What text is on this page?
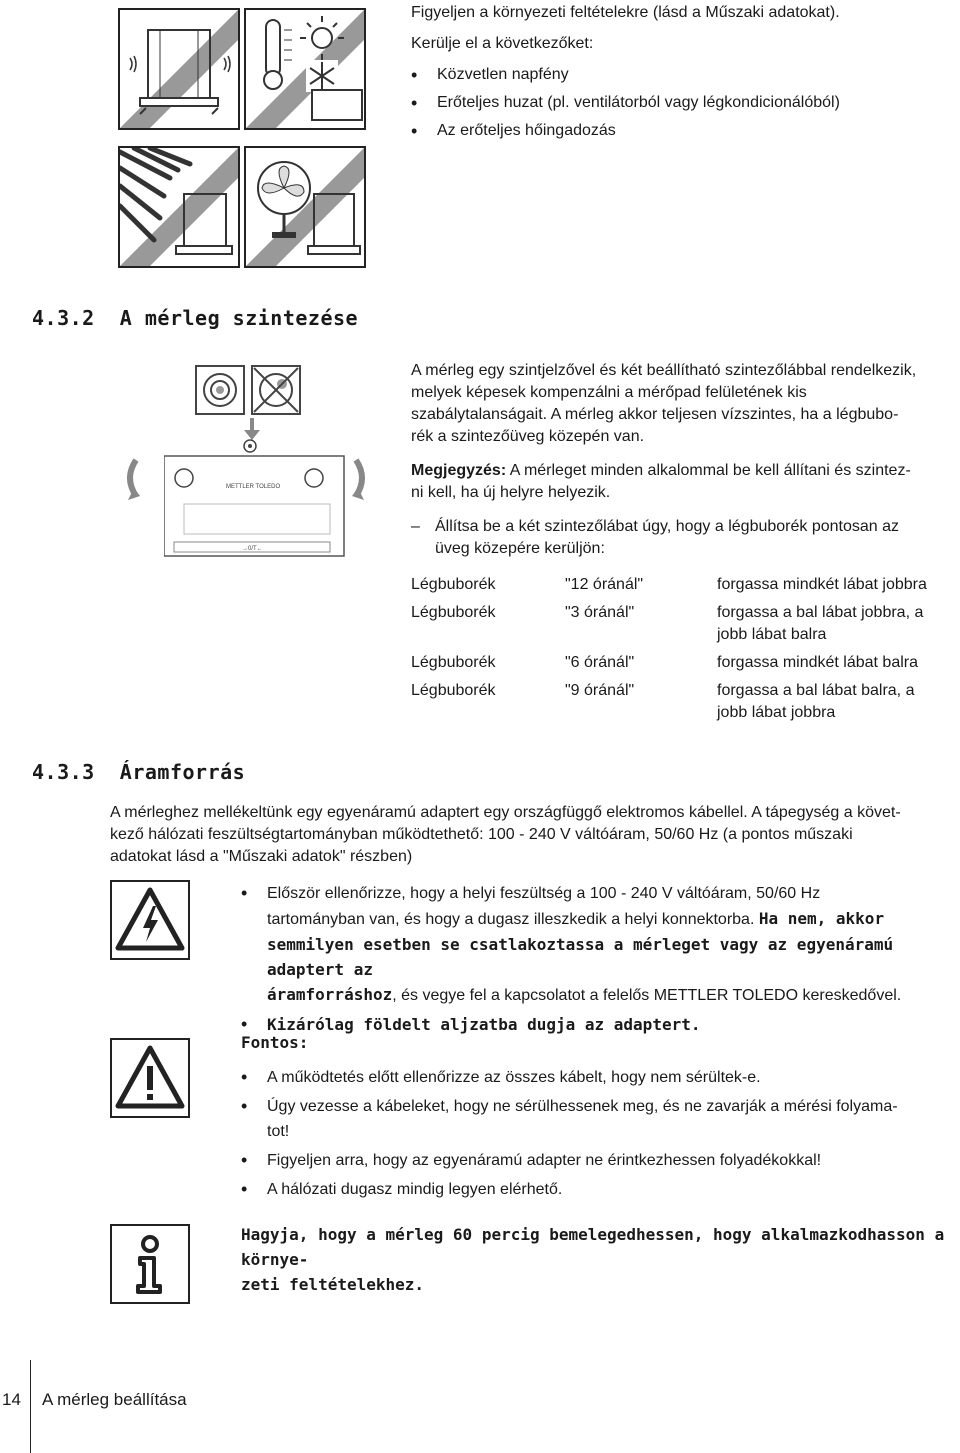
Figyeljen a környezeti feltételekre (lásd a Műszaki adatokat).
Kerülje el a következőket:
• Közvetlen napfény
• Erőteljes huzat (pl. ventilátorból vagy légkondicionálóból)
• Az erőteljes hőingadozás
4.3.2  A mérleg szintezése
METTLER TOLEDO
→0/T←
A mérleg egy szintjelzővel és két beállítható szintezőlábbal rendelkezik,
melyek képesek kompenzálni a mérőpad felületének kis
szabálytalanságait. A mérleg akkor teljesen vízszintes, ha a légbubo-
rék a szintezőüveg közepén van.
Megjegyzés: A mérleget minden alkalommal be kell állítani és szintez-
ni kell, ha új helyre helyezik.
– Állítsa be a két szintezőlábat úgy, hogy a légbuborék pontosan az
üveg közepére kerüljön:
Légbuborék	"12 óránál"	forgassa mindkét lábat jobbra

Légbuborék	"3 óránál"	forgassa a bal lábat jobbra, a
jobb lábat balra

Légbuborék	"6 óránál"	forgassa mindkét lábat balra

Légbuborék	"9 óránál"	forgassa a bal lábat balra, a
jobb lábat jobbra
4.3.3  Áramforrás
A mérleghez mellékeltünk egy egyenáramú adaptert egy országfüggő elektromos kábellel. A tápegység a követ-
kező hálózati feszültségtartományban működtethető: 100 - 240 V váltóáram, 50/60 Hz (a pontos műszaki
adatokat lásd a "Műszaki adatok" részben)
• Először ellenőrizze, hogy a helyi feszültség a 100 - 240 V váltóáram, 50/60 Hz
tartományban van, és hogy a dugasz illeszkedik a helyi konnektorba. Ha nem, akkor
semmilyen esetben se csatlakoztassa a mérleget vagy az egyenáramú adaptert az
áramforráshoz, és vegye fel a kapcsolatot a felelős METTLER TOLEDO kereskedővel.
• Kizárólag földelt aljzatba dugja az adaptert.
Fontos:
• A működtetés előtt ellenőrizze az összes kábelt, hogy nem sérültek-e.
• Úgy vezesse a kábeleket, hogy ne sérülhessenek meg, és ne zavarják a mérési folyama-
tot!
• Figyeljen arra, hogy az egyenáramú adapter ne érintkezhessen folyadékokkal!
• A hálózati dugasz mindig legyen elérhető.
Hagyja, hogy a mérleg 60 percig bemelegedhessen, hogy alkalmazkodhasson a környe-
zeti feltételekhez.
14 A mérleg beállítása
